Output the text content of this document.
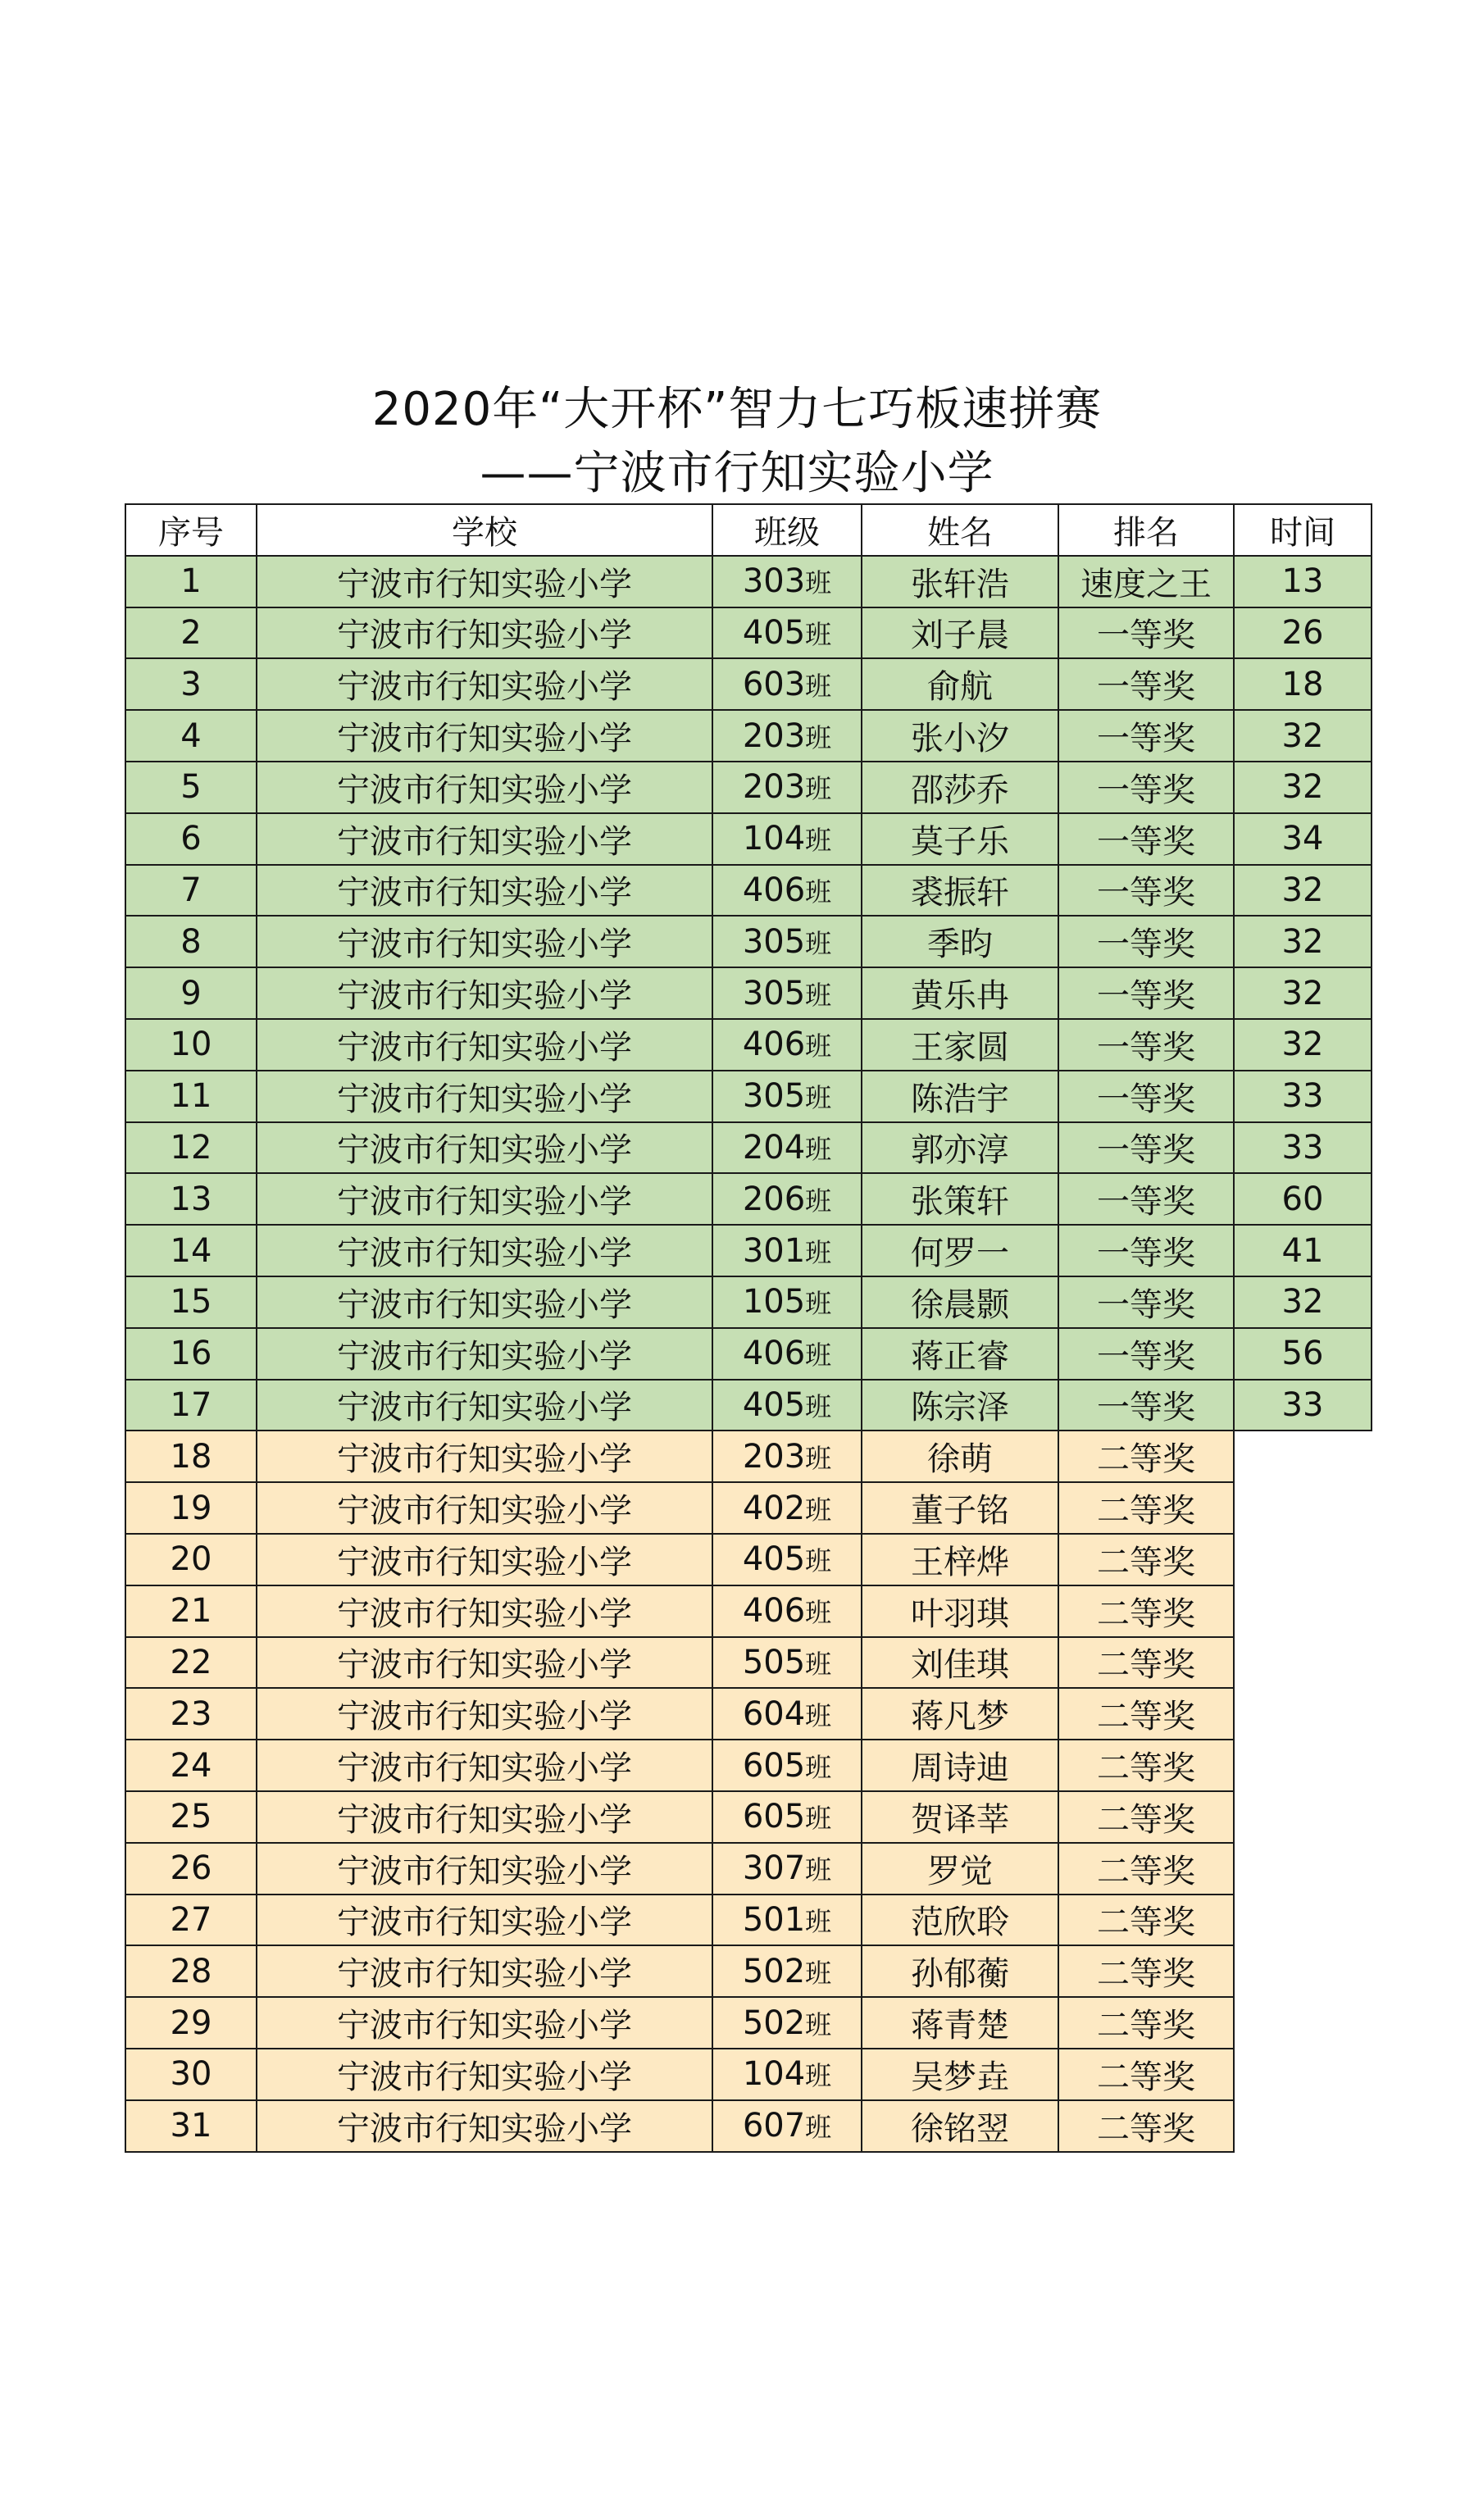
2020年“大开杯”智力七巧板速拼赛
——宁波市行知实验小学
序号	学校	班级	姓名	排名	时间
1	宁波市行知实验小学	303班	张轩浩	速度之王	13
2	宁波市行知实验小学	405班	刘子晨	一等奖	26
3	宁波市行知实验小学	603班	俞航	一等奖	18
4	宁波市行知实验小学	203班	张小汐	一等奖	32
5	宁波市行知实验小学	203班	邵莎乔	一等奖	32
6	宁波市行知实验小学	104班	莫子乐	一等奖	34
7	宁波市行知实验小学	406班	裘振轩	一等奖	32
8	宁波市行知实验小学	305班	季昀	一等奖	32
9	宁波市行知实验小学	305班	黄乐冉	一等奖	32
10	宁波市行知实验小学	406班	王家圆	一等奖	32
11	宁波市行知实验小学	305班	陈浩宇	一等奖	33
12	宁波市行知实验小学	204班	郭亦淳	一等奖	33
13	宁波市行知实验小学	206班	张策轩	一等奖	60
14	宁波市行知实验小学	301班	何罗一	一等奖	41
15	宁波市行知实验小学	105班	徐晨颢	一等奖	32
16	宁波市行知实验小学	406班	蒋正睿	一等奖	56
17	宁波市行知实验小学	405班	陈宗泽	一等奖	33
18	宁波市行知实验小学	203班	徐萌	二等奖	
19	宁波市行知实验小学	402班	董子铭	二等奖	
20	宁波市行知实验小学	405班	王梓烨	二等奖	
21	宁波市行知实验小学	406班	叶羽琪	二等奖	
22	宁波市行知实验小学	505班	刘佳琪	二等奖	
23	宁波市行知实验小学	604班	蒋凡梦	二等奖	
24	宁波市行知实验小学	605班	周诗迪	二等奖	
25	宁波市行知实验小学	605班	贺译莘	二等奖	
26	宁波市行知实验小学	307班	罗觉	二等奖	
27	宁波市行知实验小学	501班	范欣聆	二等奖	
28	宁波市行知实验小学	502班	孙郁蘅	二等奖	
29	宁波市行知实验小学	502班	蒋青楚	二等奖	
30	宁波市行知实验小学	104班	吴梦垚	二等奖	
31	宁波市行知实验小学	607班	徐铭翌	二等奖	
